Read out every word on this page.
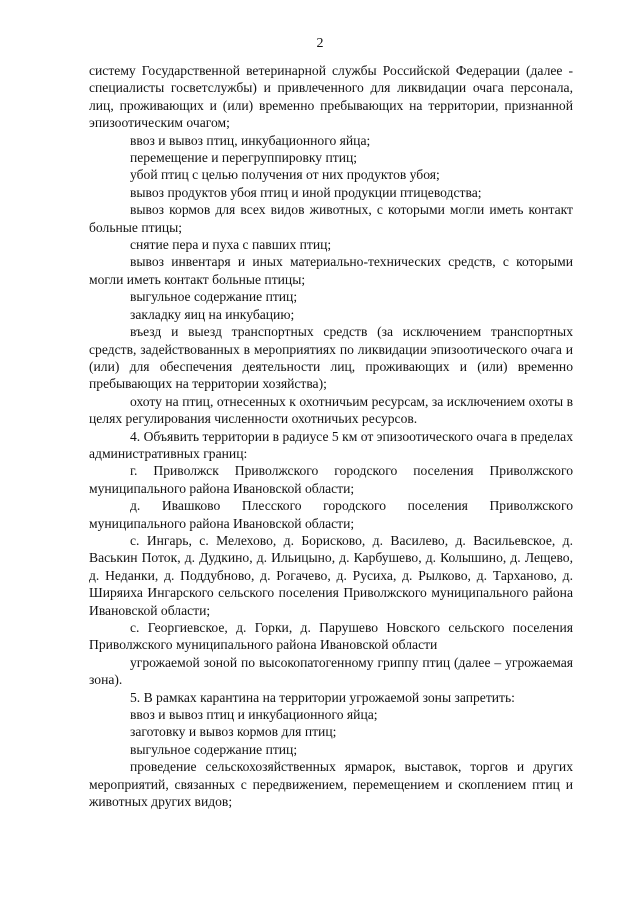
2

систему Государственной ветеринарной службы Российской Федерации (далее - специалисты госветслужбы) и привлеченного для ликвидации очага персонала, лиц, проживающих и (или) временно пребывающих на территории, признанной эпизоотическим очагом;

ввоз и вывоз птиц, инкубационного яйца;

перемещение и перегруппировку птиц;

убой птиц с целью получения от них продуктов убоя;

вывоз продуктов убоя птиц и иной продукции птицеводства;

вывоз кормов для всех видов животных, с которыми могли иметь контакт больные птицы;

снятие пера и пуха с павших птиц;

вывоз инвентаря и иных материально-технических средств, с которыми могли иметь контакт больные птицы;

выгульное содержание птиц;

закладку яиц на инкубацию;

въезд и выезд транспортных средств (за исключением транспортных средств, задействованных в мероприятиях по ликвидации эпизоотического очага и (или) для обеспечения деятельности лиц, проживающих и (или) временно пребывающих на территории хозяйства);

охоту на птиц, отнесенных к охотничьим ресурсам, за исключением охоты в целях регулирования численности охотничьих ресурсов.

4. Объявить территории в радиусе 5 км от эпизоотического очага в пределах административных границ:

г. Приволжск Приволжского городского поселения Приволжского муниципального района Ивановской области;

д. Ивашково Плесского городского поселения Приволжского муниципального района Ивановской области;

с. Ингарь, с. Мелехово, д. Борисково, д. Василево, д. Васильевское, д. Васькин Поток, д. Дудкино, д. Ильицыно, д. Карбушево, д. Колышино, д. Лещево, д. Неданки, д. Поддубново, д. Рогачево, д. Русиха, д. Рылково, д. Тарханово, д. Ширяиха Ингарского сельского поселения Приволжского муниципального района Ивановской области;

с. Георгиевское, д. Горки, д. Парушево Новского сельского поселения Приволжского муниципального района Ивановской области

угрожаемой зоной по высокопатогенному гриппу птиц (далее – угрожаемая зона).

5. В рамках карантина на территории угрожаемой зоны запретить:

ввоз и вывоз птиц и инкубационного яйца;

заготовку и вывоз кормов для птиц;

выгульное содержание птиц;

проведение сельскохозяйственных ярмарок, выставок, торгов и других мероприятий, связанных с передвижением, перемещением и скоплением птиц и животных других видов;
